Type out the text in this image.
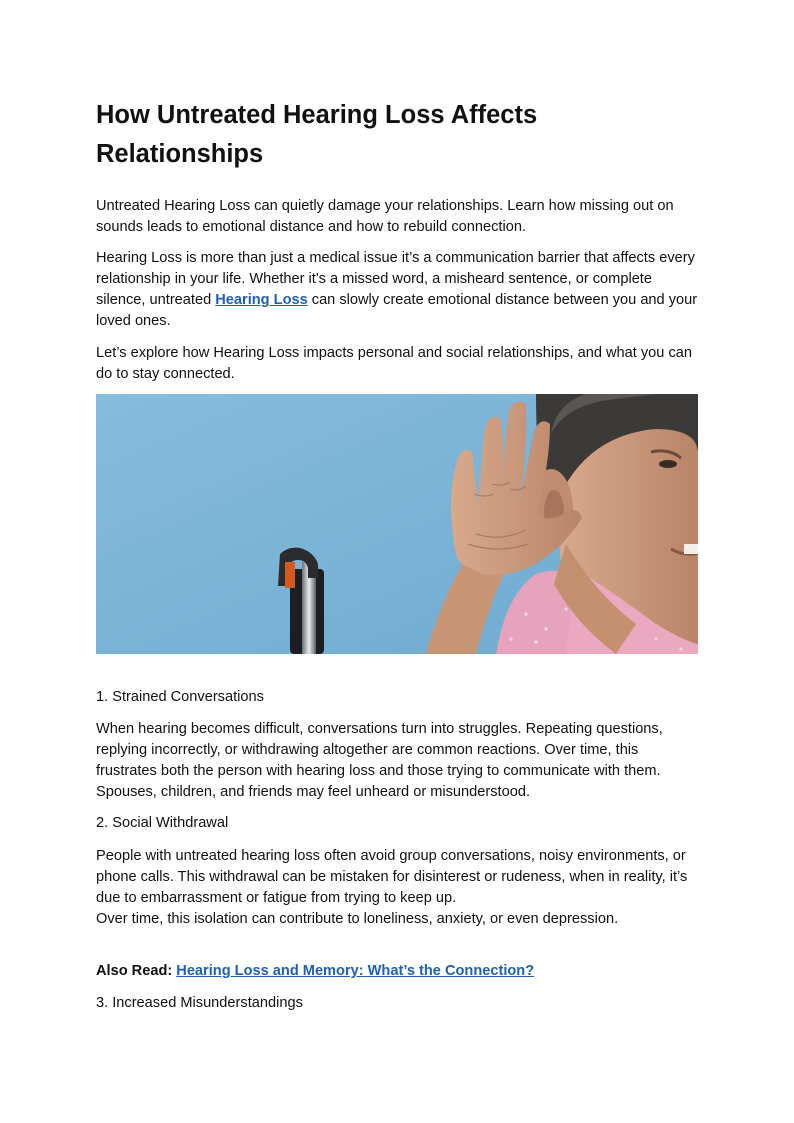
How Untreated Hearing Loss Affects Relationships

Untreated Hearing Loss can quietly damage your relationships. Learn how missing out on sounds leads to emotional distance and how to rebuild connection.

Hearing Loss is more than just a medical issue it’s a communication barrier that affects every relationship in your life. Whether it's a missed word, a misheard sentence, or complete silence, untreated Hearing Loss can slowly create emotional distance between you and your loved ones.

Let’s explore how Hearing Loss impacts personal and social relationships, and what you can do to stay connected.

1. Strained Conversations

When hearing becomes difficult, conversations turn into struggles. Repeating questions, replying incorrectly, or withdrawing altogether are common reactions. Over time, this frustrates both the person with hearing loss and those trying to communicate with them. Spouses, children, and friends may feel unheard or misunderstood.

2. Social Withdrawal

People with untreated hearing loss often avoid group conversations, noisy environments, or phone calls. This withdrawal can be mistaken for disinterest or rudeness, when in reality, it’s due to embarrassment or fatigue from trying to keep up.

Over time, this isolation can contribute to loneliness, anxiety, or even depression.

Also Read: Hearing Loss and Memory: What’s the Connection?

3. Increased Misunderstandings
